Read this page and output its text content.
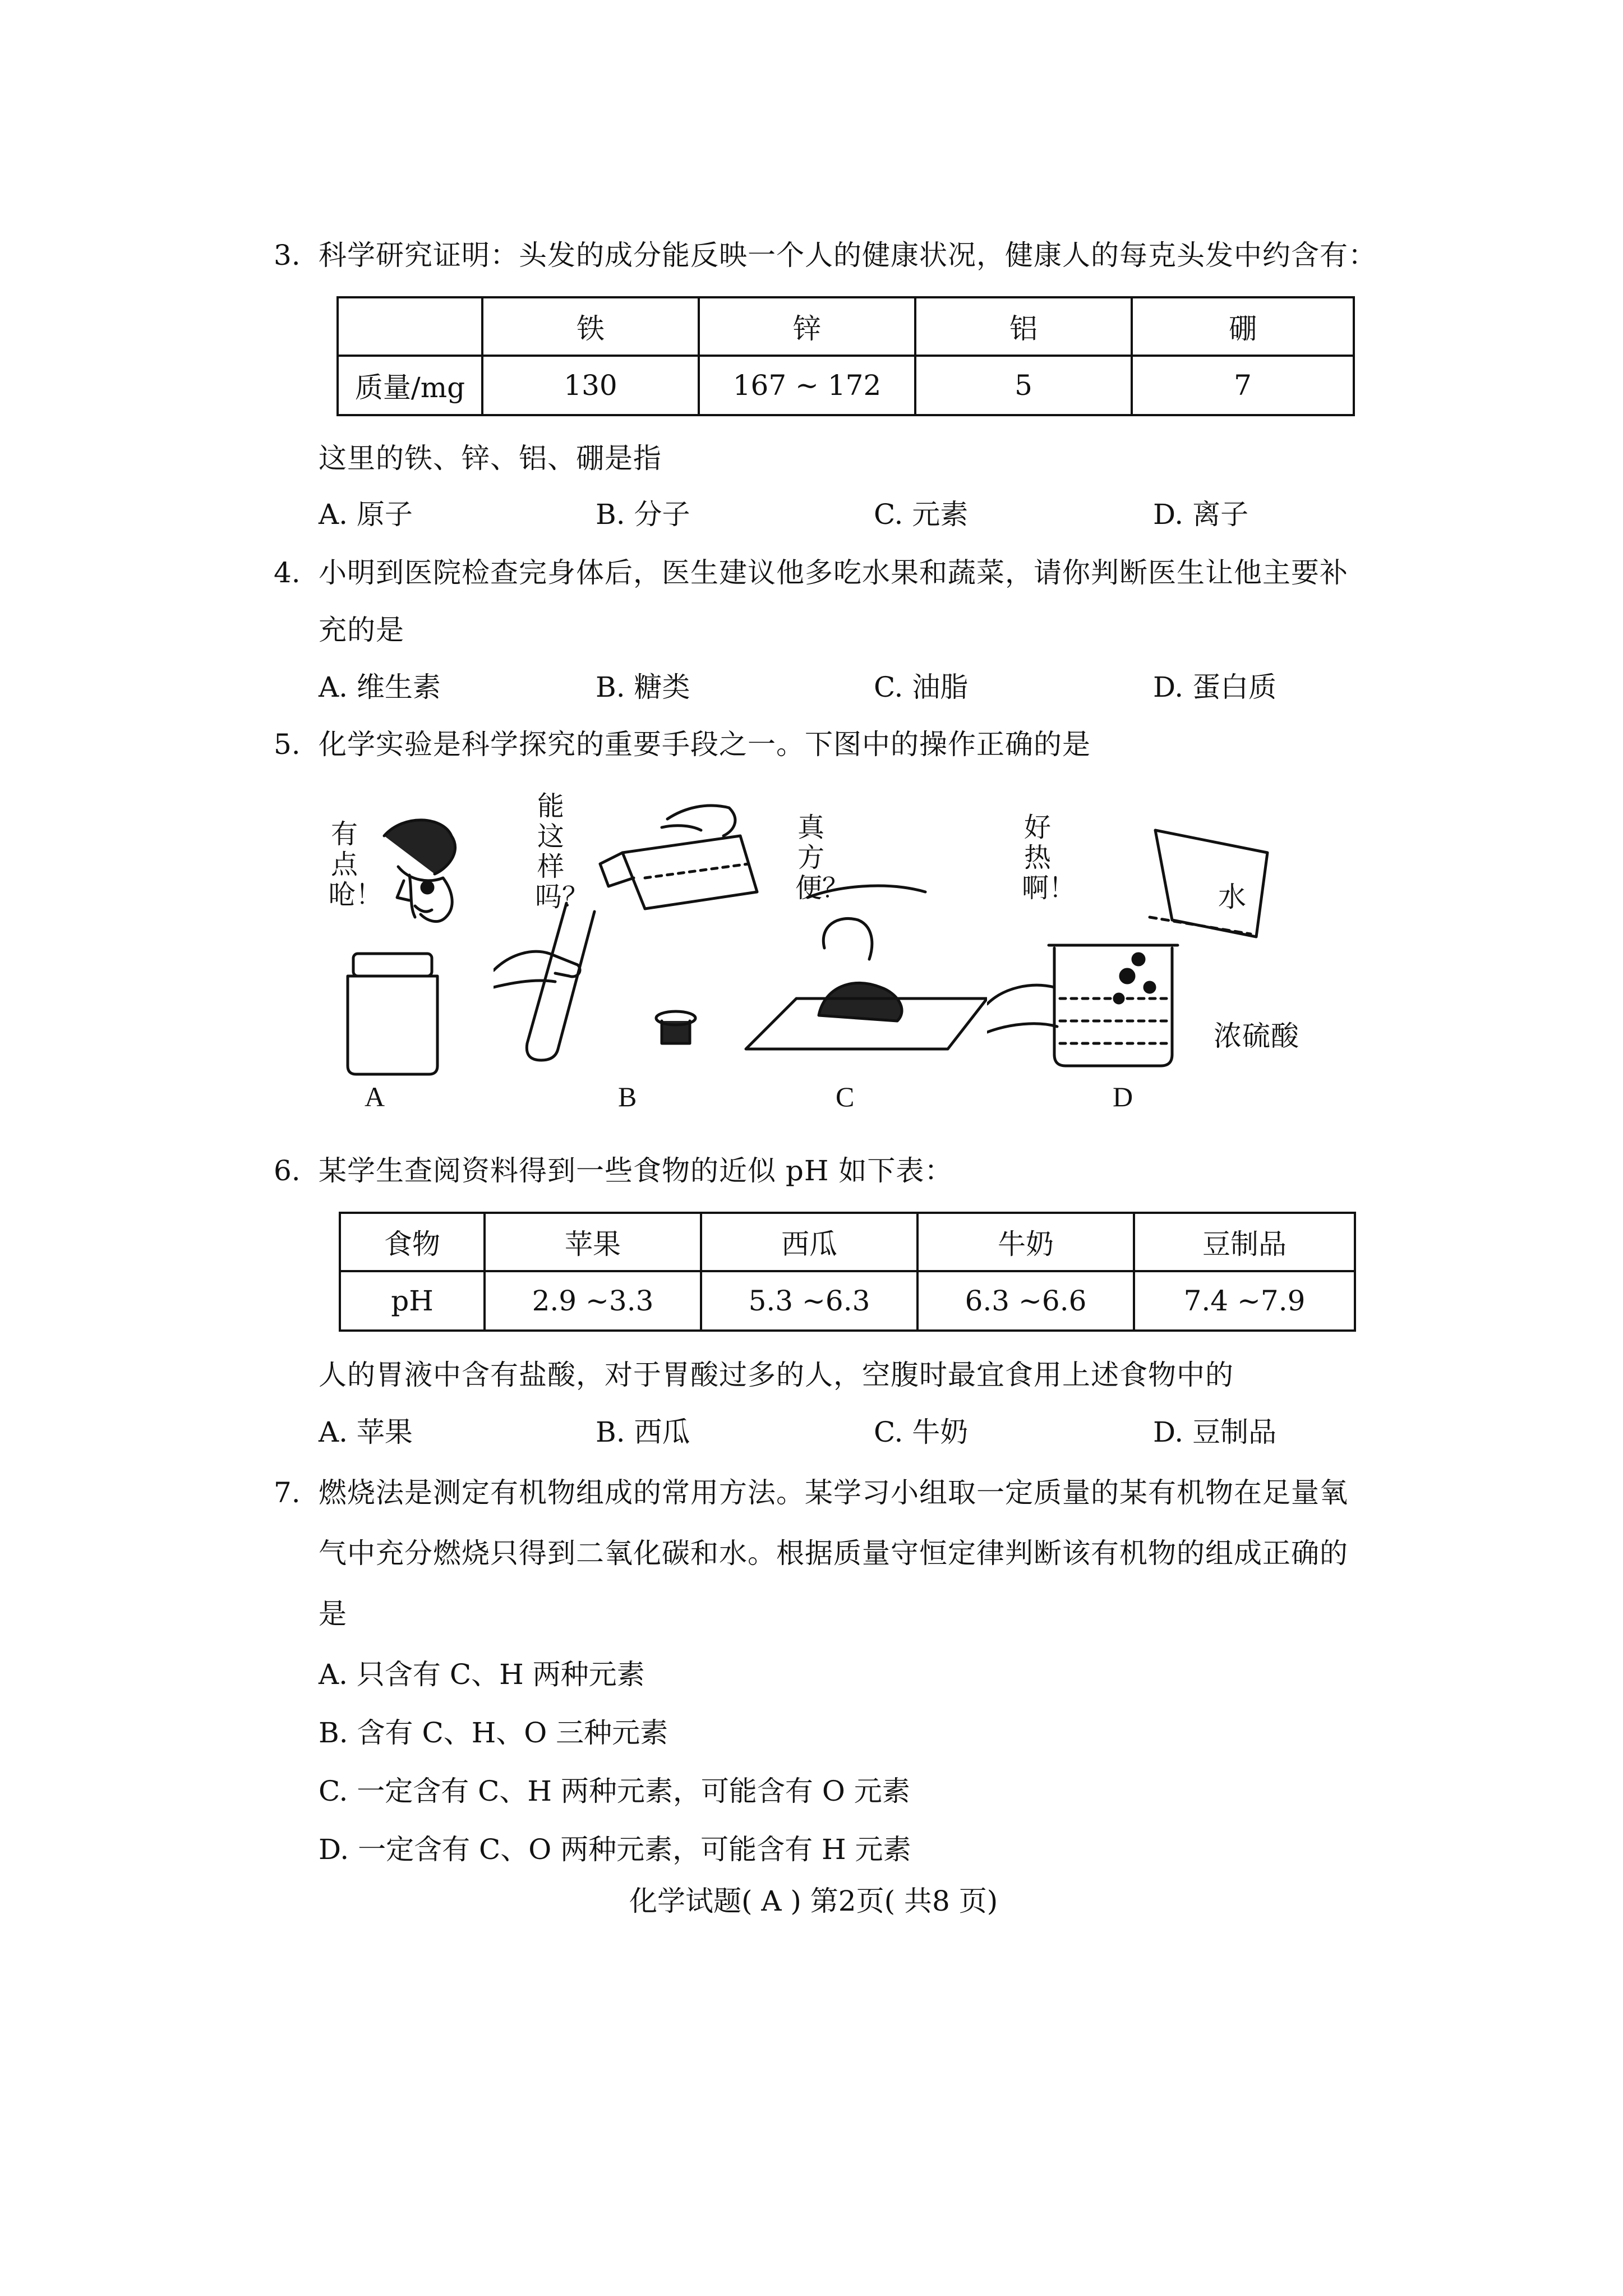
3. 科学研究证明：头发的成分能反映一个人的健康状况，健康人的每克头发中约含有：
	铁	锌	铝	硼
质量/mg	130	167 ~ 172	5	7
这里的铁、锌、铝、硼是指
A. 原子	B. 分子	C. 元素	D. 离子
4. 小明到医院检查完身体后，医生建议他多吃水果和蔬菜，请你判断医生让他主要补
充的是
A. 维生素	B. 糖类	C. 油脂	D. 蛋白质
5. 化学实验是科学探究的重要手段之一。下图中的操作正确的是
有点呛！
A
能这样吗？
B
真方便？
C
好热啊！	水
浓硫酸
D
6. 某学生查阅资料得到一些食物的近似 pH 如下表：
食物	苹果	西瓜	牛奶	豆制品
pH	2.9 ~3.3	5.3 ~6.3	6.3 ~6.6	7.4 ~7.9
人的胃液中含有盐酸，对于胃酸过多的人，空腹时最宜食用上述食物中的
A. 苹果	B. 西瓜	C. 牛奶	D. 豆制品
7. 燃烧法是测定有机物组成的常用方法。某学习小组取一定质量的某有机物在足量氧
气中充分燃烧只得到二氧化碳和水。根据质量守恒定律判断该有机物的组成正确的
是
A. 只含有 C、H 两种元素
B. 含有 C、H、O 三种元素
C. 一定含有 C、H 两种元素，可能含有 O 元素
D. 一定含有 C、O 两种元素，可能含有 H 元素
化学试题( A ) 第2页( 共8 页)
